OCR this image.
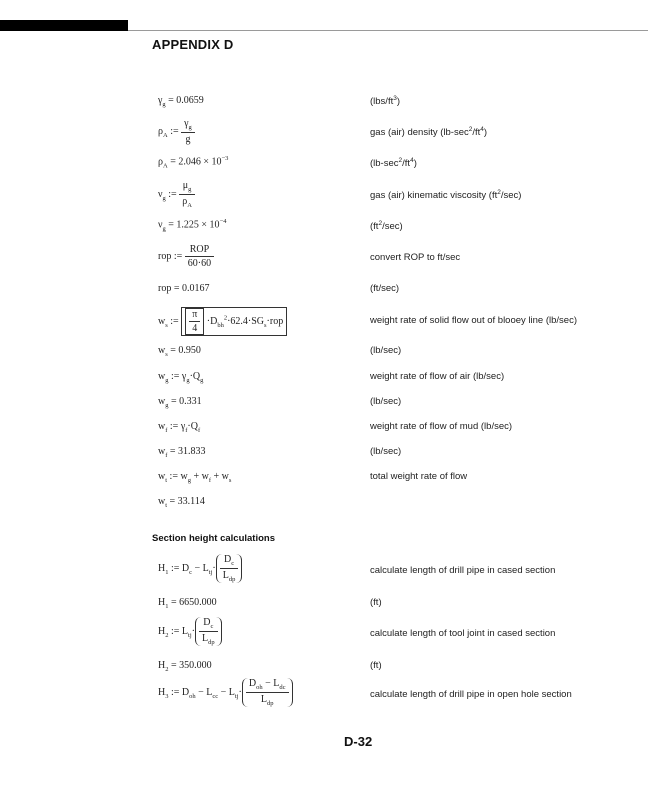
APPENDIX D
$\gamma_g = 0.0659$	$(lbs/ft^3)$
$\rho_A$ := $\frac{\gamma_g}{g}$	gas (air) density $(lb-\sec^2/ft^4)$
$\rho_A = 2.046 \times 10^{-3}$	$(lb-\sec^2/ft^4)$
$\nu_g$ := $\frac{\mu_g}{\rho_A}$	gas (air) kinematic viscosity $(ft^2/\sec)$
$\nu_g = 1.225 \times 10^{-4}$	$(ft^2/\sec)$
rop := $\frac{\text{ROP}}{60\cdot 60}$	convert ROP to ft/sec
rop = 0.0167	(ft/sec)
$w_s$ := $\frac{\pi}{4} \cdot D_{bh}^2\cdot 62.4\cdot SG_s\cdot rop$	weight rate of solid flow out of blooey line (lb/sec)
$w_s = 0.950$	(lb/sec)
$w_g$ := $\gamma_g\cdot Q_g$	weight rate of flow of air (lb/sec)
$w_g = 0.331$	(lb/sec)
$w_f$ := $\gamma_f\cdot Q_f$	weight rate of flow of mud (lb/sec)
$w_f = 31.833$	(lb/sec)
$w_t$ := $w_g + w_f + w_s$	total weight rate of flow
$w_t = 33.114$
Section height calculations
$H_1$ := $D_c - L_{tj}\cdot \frac{D_c}{L_{dp}}$	calculate length of drill pipe in cased section
$H_1 = 6650.000$	(ft)
$H_2$ := $L_{tj}\cdot \frac{D_c}{L_{dp}}$	calculate length of tool joint in cased section
$H_2 = 350.000$	(ft)
$H_3$ := $D_{oh} - L_{cc} - L_{tj}\cdot \frac{D_{oh} - L_{dc}}{L_{dp}}$	calculate length of drill pipe in open hole section
D-32
